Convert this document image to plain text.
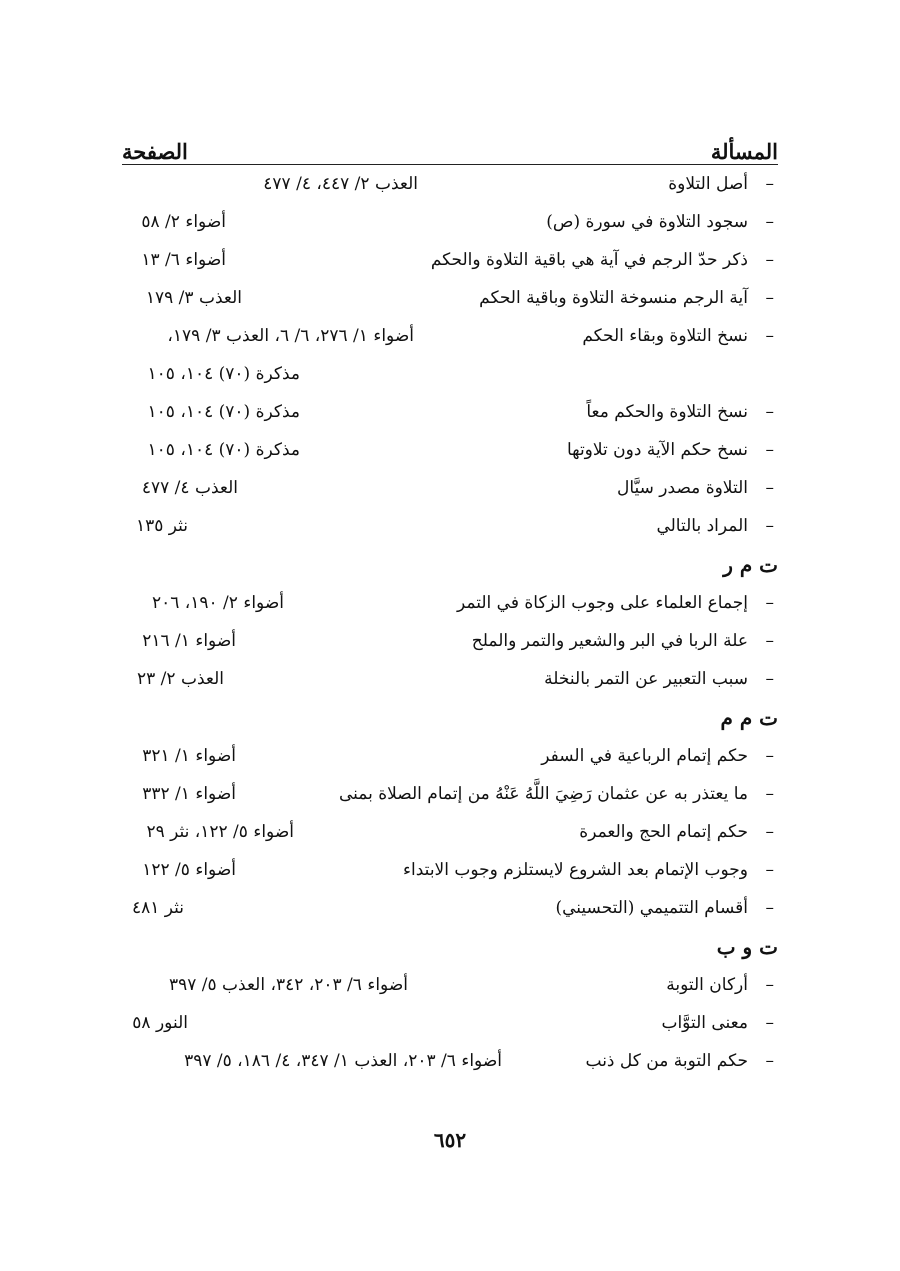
المسألة
الصفحة
–
أصل التلاوة
العذب ٢/ ٤٤٧، ٤/ ٤٧٧
–
سجود التلاوة في سورة (ص)
أضواء ٢/ ٥٨
–
ذكر حدّ الرجم في آية هي باقية التلاوة والحكم
أضواء ٦/ ١٣
–
آية الرجم منسوخة التلاوة وباقية الحكم
العذب ٣/ ١٧٩
–
نسخ التلاوة وبقاء الحكم
أضواء ١/ ٢٧٦، ٦/ ٦، العذب ٣/ ١٧٩،
مذكرة (٧٠) ١٠٤، ١٠٥
–
نسخ التلاوة والحكم معاً
مذكرة (٧٠) ١٠٤، ١٠٥
–
نسخ حكم الآية دون تلاوتها
مذكرة (٧٠) ١٠٤، ١٠٥
–
التلاوة مصدر سيَّال
العذب ٤/ ٤٧٧
–
المراد بالتالي
نثر ١٣٥
ت م ر
–
إجماع العلماء على وجوب الزكاة في التمر
أضواء ٢/ ١٩٠، ٢٠٦
–
علة الربا في البر والشعير والتمر والملح
أضواء ١/ ٢١٦
–
سبب التعبير عن التمر بالنخلة
العذب ٢/ ٢٣
ت م م
–
حكم إتمام الرباعية في السفر
أضواء ١/ ٣٢١
–
ما يعتذر به عن عثمان رَضِيَ اللَّهُ عَنْهُ من إتمام الصلاة بمنى
أضواء ١/ ٣٣٢
–
حكم إتمام الحج والعمرة
أضواء ٥/ ١٢٢، نثر ٢٩
–
وجوب الإتمام بعد الشروع لايستلزم وجوب الابتداء
أضواء ٥/ ١٢٢
–
أقسام التتميمي (التحسيني)
نثر ٤٨١
ت و ب
–
أركان التوبة
أضواء ٦/ ٢٠٣، ٣٤٢، العذب ٥/ ٣٩٧
–
معنى التوَّاب
النور ٥٨
–
حكم التوبة من كل ذنب
أضواء ٦/ ٢٠٣، العذب ١/ ٣٤٧، ٤/ ١٨٦، ٥/ ٣٩٧
٦٥٢
